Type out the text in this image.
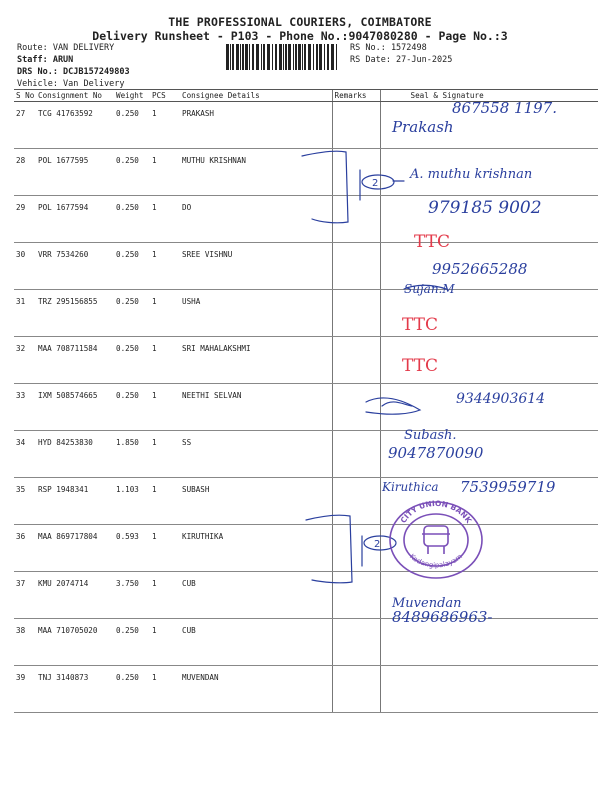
THE PROFESSIONAL COURIERS, COIMBATORE
Delivery Runsheet - P103 - Phone No.:9047080280 - Page No.:3
Route: VAN DELIVERY
Staff: ARUN
DRS No.: DCJB157249803
Vehicle: Van Delivery
RS No.: 1572498
RS Date: 27-Jun-2025
S No	Consignment No	Weight	PCS	Consignee Details	Remarks	Seal & Signature
27	TCG 41763592	0.250	1	PRAKASH		
28	POL 1677595	0.250	1	MUTHU KRISHNAN		
29	POL 1677594	0.250	1	DO		
30	VRR 7534260	0.250	1	SREE VISHNU		
31	TRZ 295156855	0.250	1	USHA		
32	MAA 708711584	0.250	1	SRI MAHALAKSHMI		
33	IXM 508574665	0.250	1	NEETHI SELVAN		
34	HYD 84253830	1.850	1	SS		
35	RSP 1948341	1.103	1	SUBASH		
36	MAA 869717804	0.593	1	KIRUTHIKA		
37	KMU 2074714	3.750	1	CUB		
38	MAA 710705020	0.250	1	CUB		
39	TNJ 3140873	0.250	1	MUVENDAN		
867558 1197.
Prakash
A. muthu krishnan
979185 9002
TTC
9952665288
Sujan.M
TTC
TTC
9344903614
Subash.
9047870090
Kiruthica 7539959719
Muvendan
8489686963-
2
2
CITY UNION BANK
Kodangipalayam
